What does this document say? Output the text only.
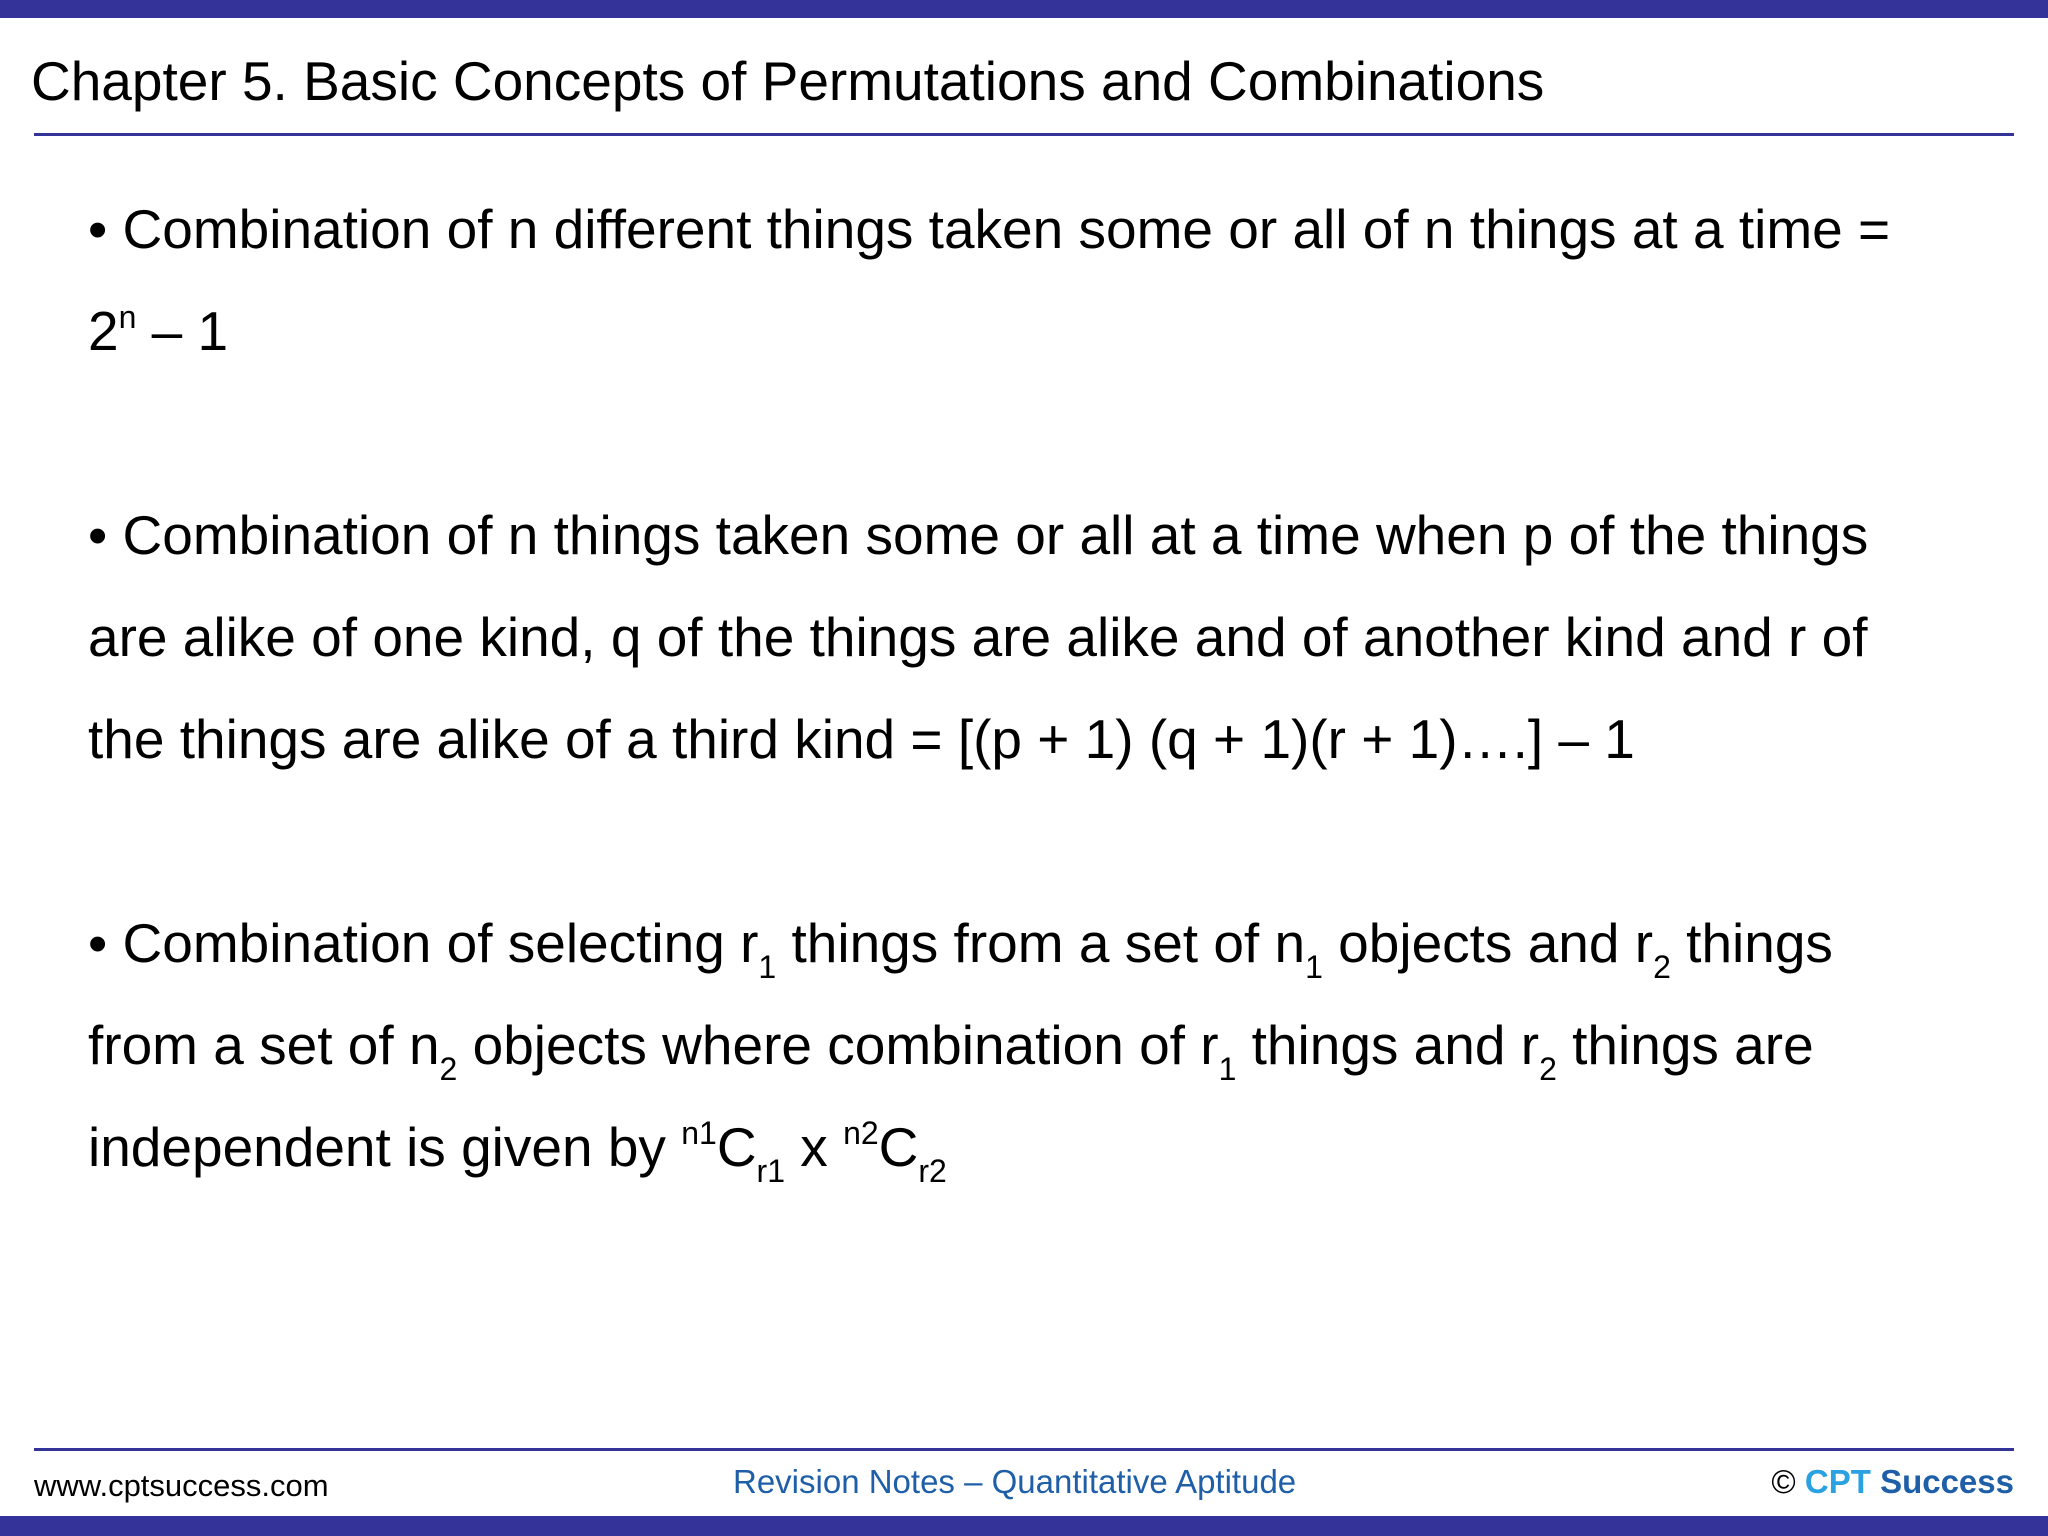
Chapter 5. Basic Concepts of Permutations and Combinations
• Combination of n different things taken some or all of n things at a time =
$2^n - 1$
• Combination of n things taken some or all at a time when p of the things
are alike of one kind, q of the things are alike and of another kind and r of
the things are alike of a third kind = [(p + 1) (q + 1)(r + 1)….] – 1
• Combination of selecting $r_1$ things from a set of $n_1$ objects and $r_2$ things
from a set of $n_2$ objects where combination of $r_1$ things and $r_2$ things are
independent is given by $^{n1}C_{r1}$ x $^{n2}C_{r2}$
www.cptsuccess.com	Revision Notes – Quantitative Aptitude	© CPT Success
